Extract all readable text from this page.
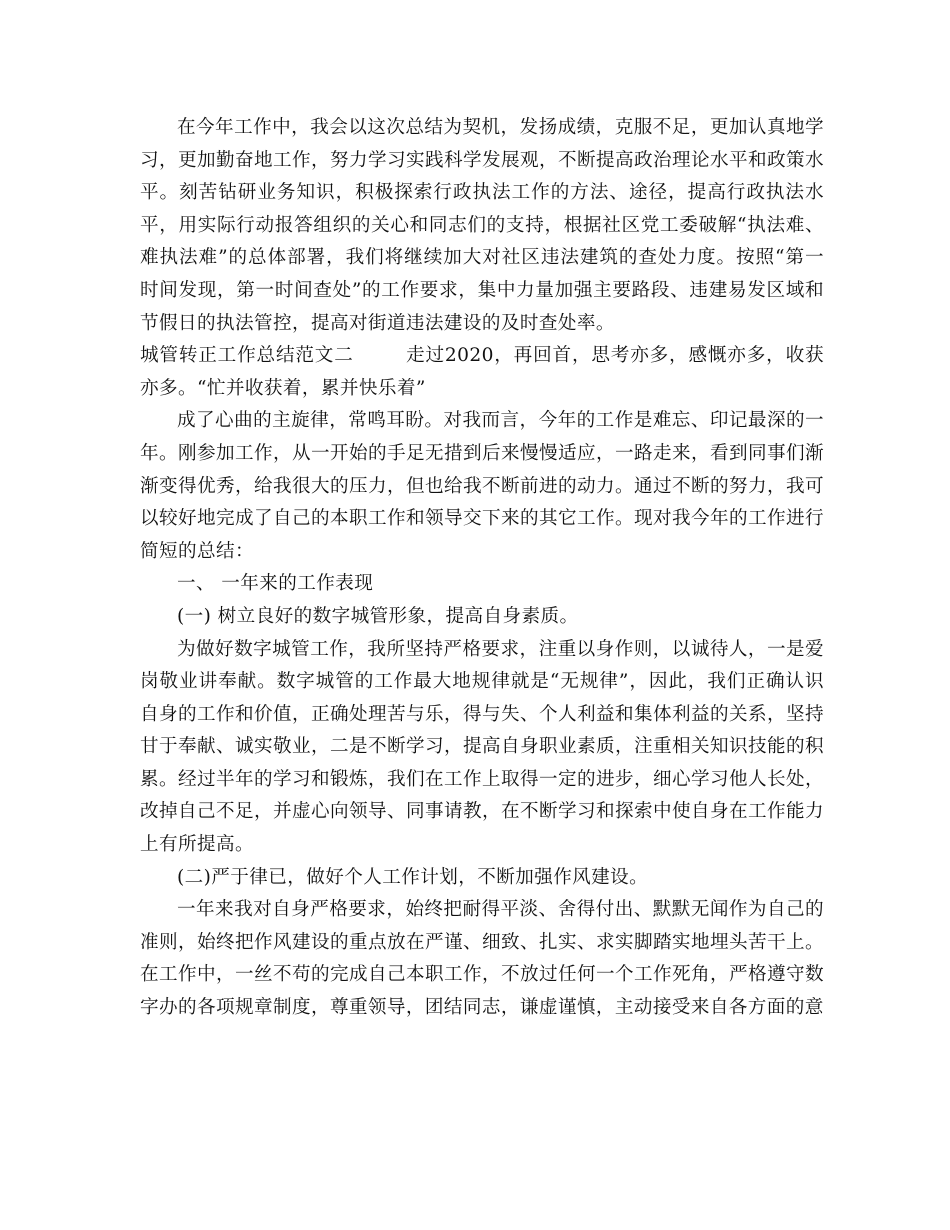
在今年工作中，我会以这次总结为契机，发扬成绩，克服不足，更加认真地学习，更加勤奋地工作，努力学习实践科学发展观，不断提高政治理论水平和政策水平。刻苦钻研业务知识，积极探索行政执法工作的方法、途径，提高行政执法水平，用实际行动报答组织的关心和同志们的支持，根据社区党工委破解“执法难、难执法难”的总体部署，我们将继续加大对社区违法建筑的查处力度。按照“第一时间发现，第一时间查处”的工作要求，集中力量加强主要路段、违建易发区域和节假日的执法管控，提高对街道违法建设的及时查处率。

城管转正工作总结范文二	走过2020，再回首，思考亦多，感慨亦多，收获亦多。“忙并收获着，累并快乐着”

成了心曲的主旋律，常鸣耳盼。对我而言，今年的工作是难忘、印记最深的一年。刚参加工作，从一开始的手足无措到后来慢慢适应，一路走来，看到同事们渐渐变得优秀，给我很大的压力，但也给我不断前进的动力。通过不断的努力，我可以较好地完成了自己的本职工作和领导交下来的其它工作。现对我今年的工作进行简短的总结：

一、 一年来的工作表现

(一) 树立良好的数字城管形象，提高自身素质。

为做好数字城管工作，我所坚持严格要求，注重以身作则，以诚待人，一是爱岗敬业讲奉献。数字城管的工作最大地规律就是“无规律”，因此，我们正确认识自身的工作和价值，正确处理苦与乐，得与失、个人利益和集体利益的关系，坚持甘于奉献、诚实敬业，二是不断学习，提高自身职业素质，注重相关知识技能的积累。经过半年的学习和锻炼，我们在工作上取得一定的进步，细心学习他人长处，改掉自己不足，并虚心向领导、同事请教，在不断学习和探索中使自身在工作能力上有所提高。

(二)严于律已，做好个人工作计划，不断加强作风建设。

一年来我对自身严格要求，始终把耐得平淡、舍得付出、默默无闻作为自己的准则，始终把作风建设的重点放在严谨、细致、扎实、求实脚踏实地埋头苦干上。在工作中，一丝不苟的完成自己本职工作，不放过任何一个工作死角，严格遵守数字办的各项规章制度，尊重领导，团结同志，谦虚谨慎，主动接受来自各方面的意
